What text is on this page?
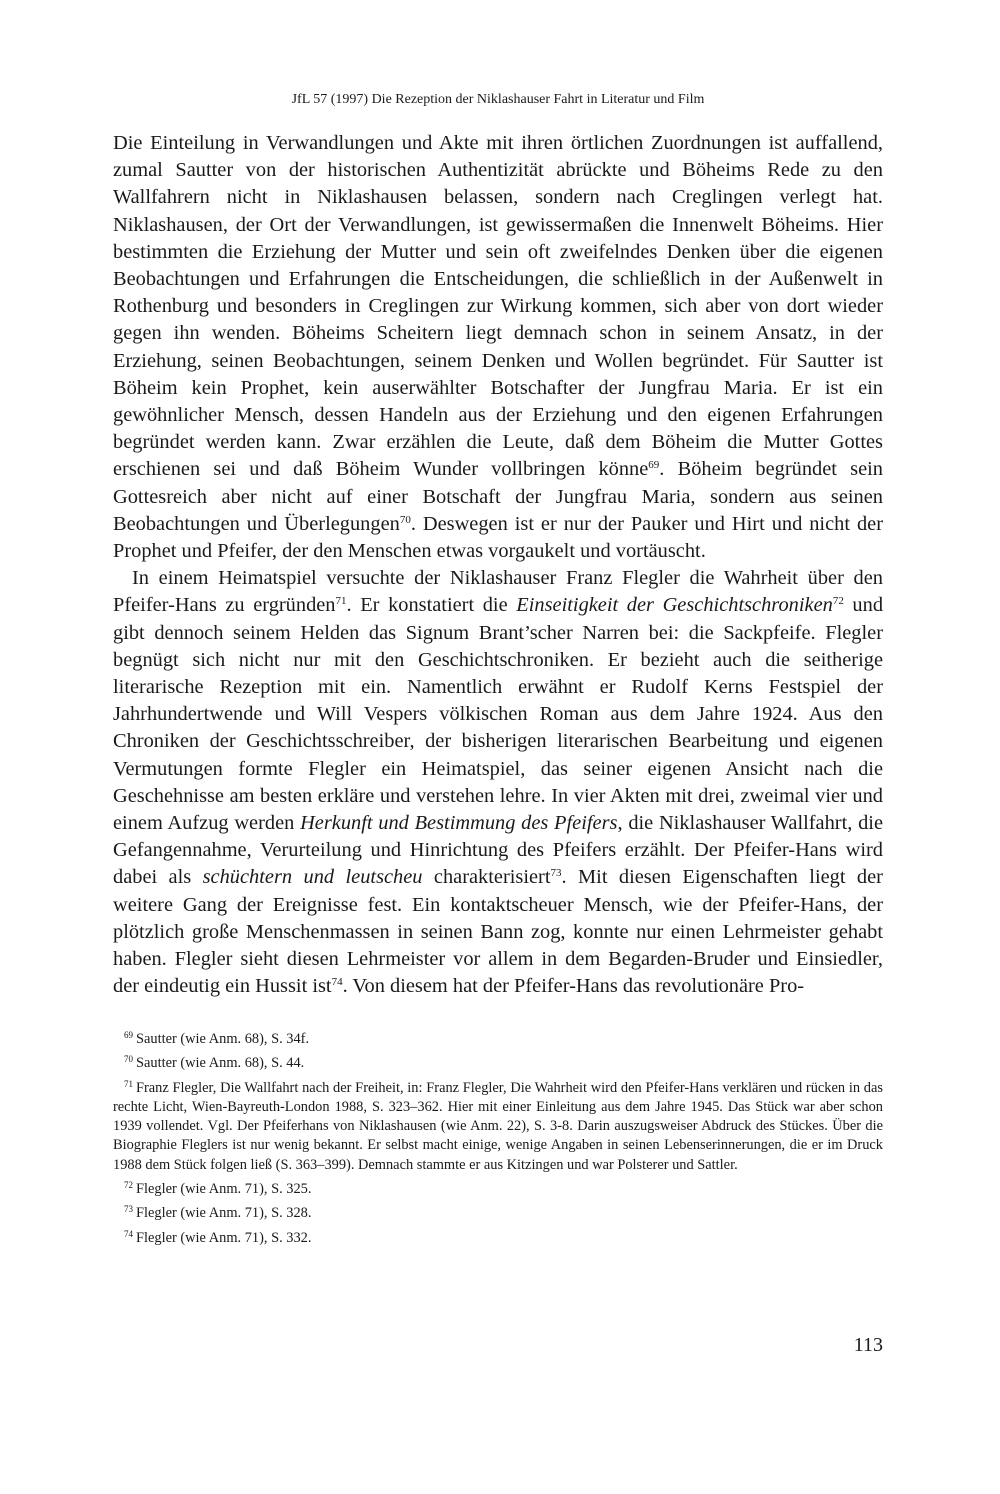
JfL 57 (1997) Die Rezeption der Niklashauser Fahrt in Literatur und Film

Die Einteilung in Verwandlungen und Akte mit ihren örtlichen Zuordnungen ist auffallend, zumal Sautter von der historischen Authentizität abrückte und Böheims Rede zu den Wallfahrern nicht in Niklashausen belassen, sondern nach Creglingen verlegt hat. Niklashausen, der Ort der Verwandlungen, ist gewissermaßen die Innenwelt Böheims. Hier bestimmten die Erziehung der Mutter und sein oft zweifelndes Denken über die eigenen Beobachtungen und Erfahrungen die Entscheidungen, die schließlich in der Außenwelt in Rothenburg und besonders in Creglingen zur Wirkung kommen, sich aber von dort wieder gegen ihn wenden. Böheims Scheitern liegt demnach schon in seinem Ansatz, in der Erziehung, seinen Beobachtungen, seinem Denken und Wollen begründet. Für Sautter ist Böheim kein Prophet, kein auserwählter Botschafter der Jungfrau Maria. Er ist ein gewöhnlicher Mensch, dessen Handeln aus der Erziehung und den eigenen Erfahrungen begründet werden kann. Zwar erzählen die Leute, daß dem Böheim die Mutter Gottes erschienen sei und daß Böheim Wunder vollbringen könne$^{69}$. Böheim begründet sein Gottesreich aber nicht auf einer Botschaft der Jungfrau Maria, sondern aus seinen Beobachtungen und Überlegungen$^{70}$. Deswegen ist er nur der Pauker und Hirt und nicht der Prophet und Pfeifer, der den Menschen etwas vorgaukelt und vortäuscht.

In einem Heimatspiel versuchte der Niklashauser Franz Flegler die Wahrheit über den Pfeifer-Hans zu ergründen$^{71}$. Er konstatiert die Einseitigkeit der Geschichtschroniken$^{72}$ und gibt dennoch seinem Helden das Signum Brant’scher Narren bei: die Sackpfeife. Flegler begnügt sich nicht nur mit den Geschichtschroniken. Er bezieht auch die seitherige literarische Rezeption mit ein. Namentlich erwähnt er Rudolf Kerns Festspiel der Jahrhundertwende und Will Vespers völkischen Roman aus dem Jahre 1924. Aus den Chroniken der Geschichtsschreiber, der bisherigen literarischen Bearbeitung und eigenen Vermutungen formte Flegler ein Heimatspiel, das seiner eigenen Ansicht nach die Geschehnisse am besten erkläre und verstehen lehre. In vier Akten mit drei, zweimal vier und einem Aufzug werden Herkunft und Bestimmung des Pfeifers, die Niklashauser Wallfahrt, die Gefangennahme, Verurteilung und Hinrichtung des Pfeifers erzählt. Der Pfeifer-Hans wird dabei als schüchtern und leutscheu charakterisiert$^{73}$. Mit diesen Eigenschaften liegt der weitere Gang der Ereignisse fest. Ein kontaktscheuer Mensch, wie der Pfeifer-Hans, der plötzlich große Menschenmassen in seinen Bann zog, konnte nur einen Lehrmeister gehabt haben. Flegler sieht diesen Lehrmeister vor allem in dem Begarden-Bruder und Einsiedler, der eindeutig ein Hussit ist$^{74}$. Von diesem hat der Pfeifer-Hans das revolutionäre Pro-

$^{69}$ Sautter (wie Anm. 68), S. 34f.

$^{70}$ Sautter (wie Anm. 68), S. 44.

$^{71}$ Franz Flegler, Die Wallfahrt nach der Freiheit, in: Franz Flegler, Die Wahrheit wird den Pfeifer-Hans verklären und rücken in das rechte Licht, Wien-Bayreuth-London 1988, S. 323–362. Hier mit einer Einleitung aus dem Jahre 1945. Das Stück war aber schon 1939 vollendet. Vgl. Der Pfeiferhans von Niklashausen (wie Anm. 22), S. 3-8. Darin auszugsweiser Abdruck des Stückes. Über die Biographie Fleglers ist nur wenig bekannt. Er selbst macht einige, wenige Angaben in seinen Lebenserinnerungen, die er im Druck 1988 dem Stück folgen ließ (S. 363–399). Demnach stammte er aus Kitzingen und war Polsterer und Sattler.

$^{72}$ Flegler (wie Anm. 71), S. 325.

$^{73}$ Flegler (wie Anm. 71), S. 328.

$^{74}$ Flegler (wie Anm. 71), S. 332.

113
